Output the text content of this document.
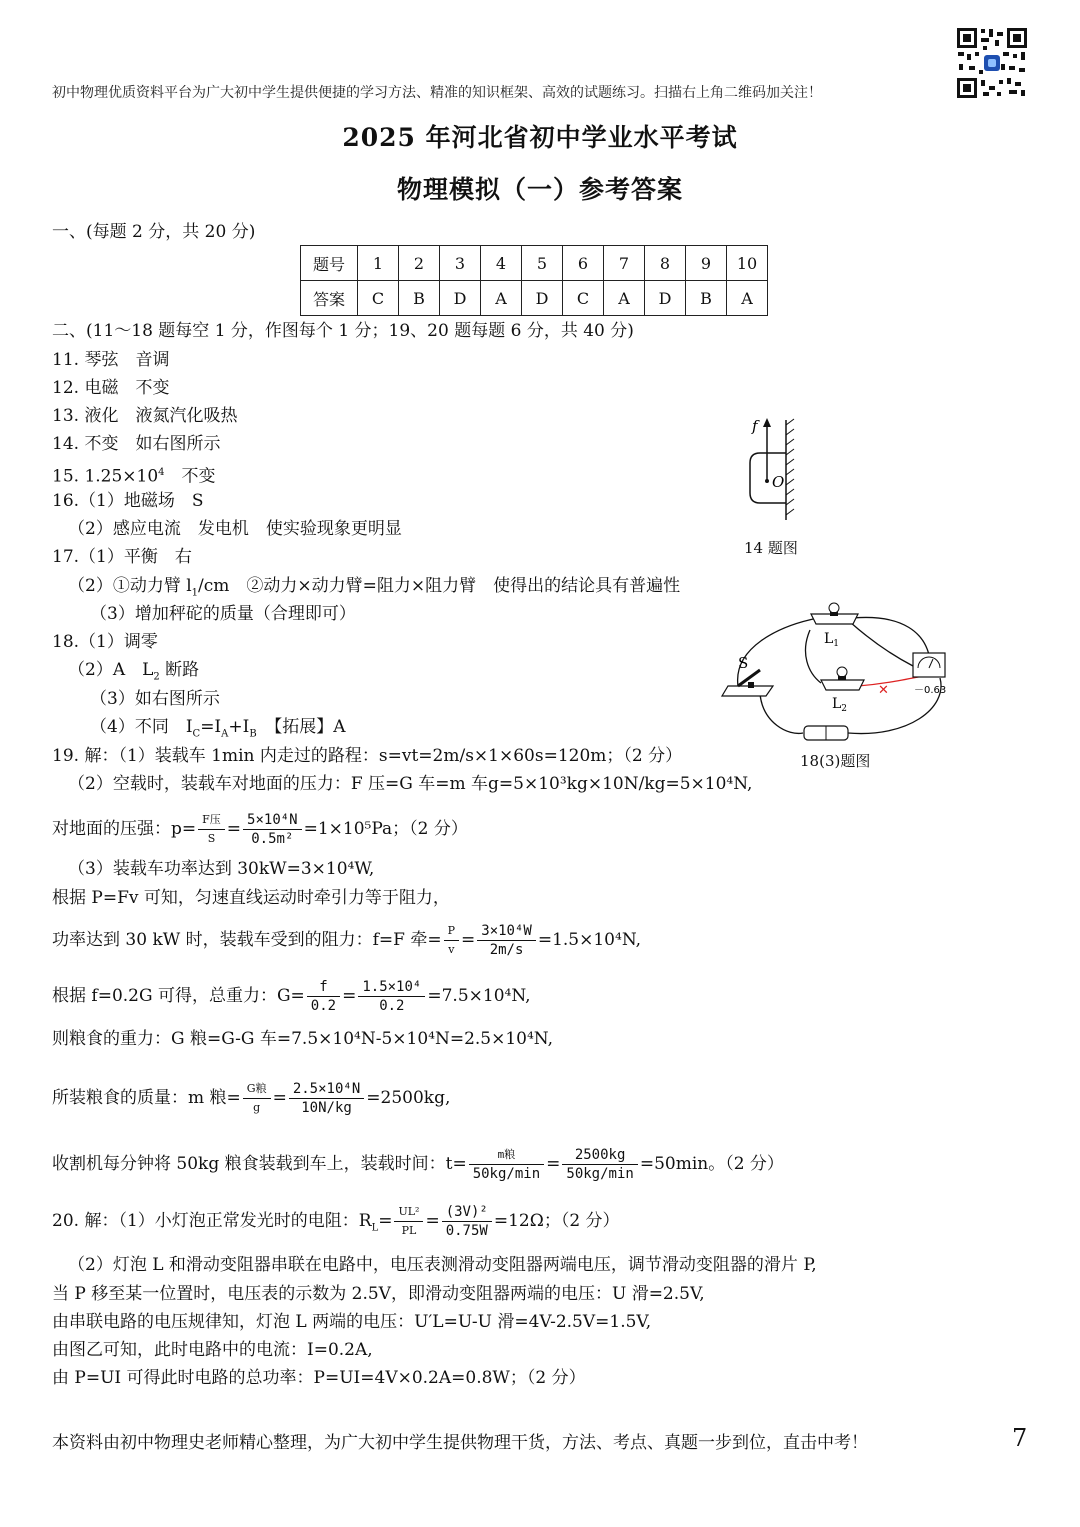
初中物理优质资料平台为广大初中学生提供便捷的学习方法、精准的知识框架、高效的试题练习。扫描右上角二维码加关注！
2025 年河北省初中学业水平考试
物理模拟（一）参考答案
一、(每题 2 分，共 20 分)
题号	1	2	3	4	5	6	7	8	9	10
答案	C	B	D	A	D	C	A	D	B	A
二、(11～18 题每空 1 分，作图每个 1 分；19、20 题每题 6 分，共 40 分)
11. 琴弦　音调
12. 电磁　不变
13. 液化　液氮汽化吸热
14. 不变　如右图所示
15. $1.25\times 10^4$　不变
16.（1）地磁场　S
（2）感应电流　发电机　使实验现象更明显
17.（1）平衡　右
（2）①动力臂 $l_1/cm$　②动力×动力臂=阻力×阻力臂　使得出的结论具有普遍性
（3）增加秤砣的质量（合理即可）
18.（1）调零
（2）A　$L_2$ 断路
（3）如右图所示
（4）不同　$I_C=I_A+I_B$　 【拓展】A
f
O
14 题图
✕
S
$L_1$
$L_2$
－0.63
18(3)题图
19. 解：（1）装载车 1min 内走过的路程：s=vt=2m/s×1×60s=120m；（2 分）
（2）空载时，装载车对地面的压力：F 压=G 车=m 车g=5×10³kg×10N/kg=5×10⁴N,
对地面的压强：$p= \frac{\text{F压}}{S} = \frac{\text{5×10⁴N}}{\text{0.5m²}} =1\times 10^5Pa$；（2 分）
（3）装载车功率达到 30kW=3×10⁴W,
根据 P=Fv 可知，匀速直线运动时牵引力等于阻力，
功率达到 30 kW 时，装载车受到的阻力：f=F 牵= $\frac{P}{v} = \frac{\text{3×10⁴W}}{2m/s} =1.5\times 10^4N$,
根据 f=0.2G 可得，总重力：$G= \frac{f}{0.2} = \frac{\text{1.5×10⁴}}{0.2} =7.5\times 10^4N$,
则粮食的重力：G 粮=G-G 车=7.5×10⁴N-5×10⁴N=2.5×10⁴N,
所装粮食的质量：m 粮= $\frac{\text{G粮}}{g} = \frac{\text{2.5×10⁴N}}{10N/kg} =2500kg$,
收割机每分钟将 50kg 粮食装载到车上，装载时间：$t= \frac{\text{m粮}}{50kg/\min} = \frac{2500kg}{50kg/\min} =50\min$。（2 分）
20. 解：（1）小灯泡正常发光时的电阻：$R_L= \frac{\text{UL²}}{PL} = \frac{\text{(3V)²}}{0.75W} =12\Omega$；（2 分）
（2）灯泡 L 和滑动变阻器串联在电路中，电压表测滑动变阻器两端电压，调节滑动变阻器的滑片 P,
当 P 移至某一位置时，电压表的示数为 2.5V，即滑动变阻器两端的电压：U 滑=2.5V,
由串联电路的电压规律知，灯泡 L 两端的电压：U′L=U-U 滑=4V-2.5V=1.5V,
由图乙可知，此时电路中的电流：I=0.2A,
由 P=UI 可得此时电路的总功率：P=UI=4V×0.2A=0.8W；（2 分）
本资料由初中物理史老师精心整理，为广大初中学生提供物理干货，方法、考点、真题一步到位，直击中考！	7
